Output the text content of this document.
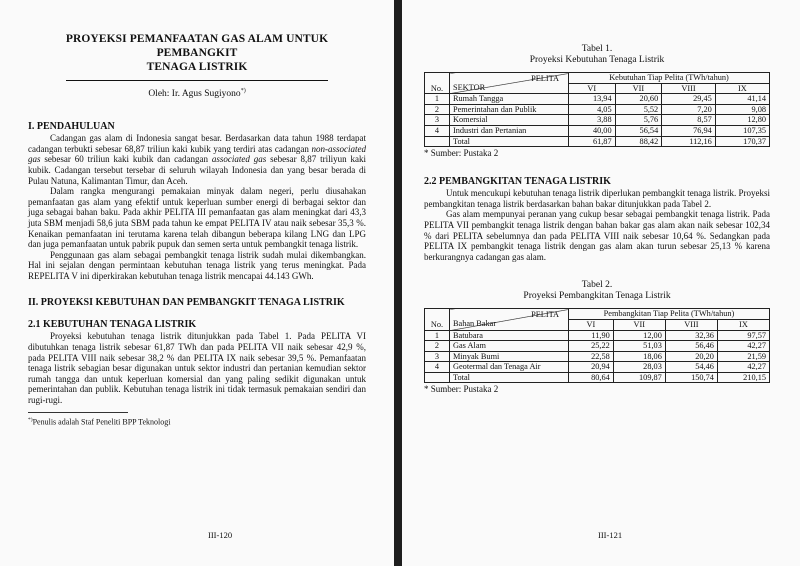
PROYEKSI PEMANFAATAN GAS ALAM UNTUK PEMBANGKIT
TENAGA LISTRIK
Oleh: Ir. Agus Sugiyono*)

I. PENDAHULUAN

Cadangan gas alam di Indonesia sangat besar. Berdasarkan data tahun 1988 terdapat cadangan terbukti sebesar 68,87 triliun kaki kubik yang terdiri atas cadangan non-associated gas sebesar 60 triliun kaki kubik dan cadangan associated gas sebesar 8,87 triliyun kaki kubik. Cadangan tersebut tersebar di seluruh wilayah Indonesia dan yang besar berada di Pulau Natuna, Kalimantan Timur, dan Aceh.

Dalam rangka mengurangi pemakaian minyak dalam negeri, perlu diusahakan pemanfaatan gas alam yang efektif untuk keperluan sumber energi di berbagai sektor dan juga sebagai bahan baku. Pada akhir PELITA III pemanfaatan gas alam meningkat dari 43,3 juta SBM menjadi 58,6 juta SBM pada tahun ke empat PELITA IV atau naik sebesar 35,3 %. Kenaikan pemanfaatan ini terutama karena telah dibangun beberapa kilang LNG dan LPG dan juga pemanfaatan untuk pabrik pupuk dan semen serta untuk pembangkit tenaga listrik.

Penggunaan gas alam sebagai pembangkit tenaga listrik sudah mulai dikembangkan. Hal ini sejalan dengan permintaan kebutuhan tenaga listrik yang terus meningkat. Pada REPELITA V ini diperkirakan kebutuhan tenaga listrik mencapai 44.143 GWh.

II. PROYEKSI KEBUTUHAN DAN PEMBANGKIT TENAGA LISTRIK

2.1 KEBUTUHAN TENAGA LISTRIK

Proyeksi kebutuhan tenaga listrik ditunjukkan pada Tabel 1. Pada PELITA VI dibutuhkan tenaga listrik sebesar 61,87 TWh dan pada PELITA VII naik sebesar 42,9 %, pada PELITA VIII naik sebesar 38,2 % dan PELITA IX naik sebesar 39,5 %. Pemanfaatan tenaga listrik sebagian besar digunakan untuk sektor industri dan pertanian kemudian sektor rumah tangga dan untuk keperluan komersial dan yang paling sedikit digunakan untuk pemerintahan dan publik. Kebutuhan tenaga listrik ini tidak termasuk pemakaian sendiri dan rugi-rugi.

*)Penulis adalah Staf Peneliti BPP Teknologi
III-120
Tabel 1.
Proyeksi Kebutuhan Tenaga Listrik
No.	PELITA
SEKTOR	Kebutuhan Tiap Pelita (TWh/tahun)			
		VI	VII	VIII	IX
1	Rumah Tangga	13,94	20,60	29,45	41,14
2	Pemerintahan dan Publik	4,05	5,52	7,20	9,08
3	Komersial	3,88	5,76	8,57	12,80
4	Industri dan Pertanian	40,00	56,54	76,94	107,35
	Total	61,87	88,42	112,16	170,37
* Sumber: Pustaka 2

2.2 PEMBANGKITAN TENAGA LISTRIK

Untuk mencukupi kebutuhan tenaga listrik diperlukan pembangkit tenaga listrik. Proyeksi pembangkitan tenaga listrik berdasarkan bahan bakar ditunjukkan pada Tabel 2.

Gas alam mempunyai peranan yang cukup besar sebagai pembangkit tenaga listrik. Pada PELITA VII pembangkit tenaga listrik dengan bahan bakar gas alam akan naik sebesar 102,34 % dari PELITA sebelumnya dan pada PELITA VIII naik sebesar 10,64 %. Sedangkan pada PELITA IX pembangkit tenaga listrik dengan gas alam akan turun sebesar 25,13 % karena berkurangnya cadangan gas alam.

Tabel 2.
Proyeksi Pembangkitan Tenaga Listrik
No.	PELITA
Bahan Bakar	Pembangkitan Tiap Pelita (TWh/tahun)			
		VI	VII	VIII	IX
1	Batubara	11,90	12,00	32,36	97,57
2	Gas Alam	25,22	51,03	56,46	42,27
3	Minyak Bumi	22,58	18,06	20,20	21,59
4	Geotermal dan Tenaga Air	20,94	28,03	54,46	42,27
	Total	80,64	109,87	150,74	210,15
* Sumber: Pustaka 2
III-121
